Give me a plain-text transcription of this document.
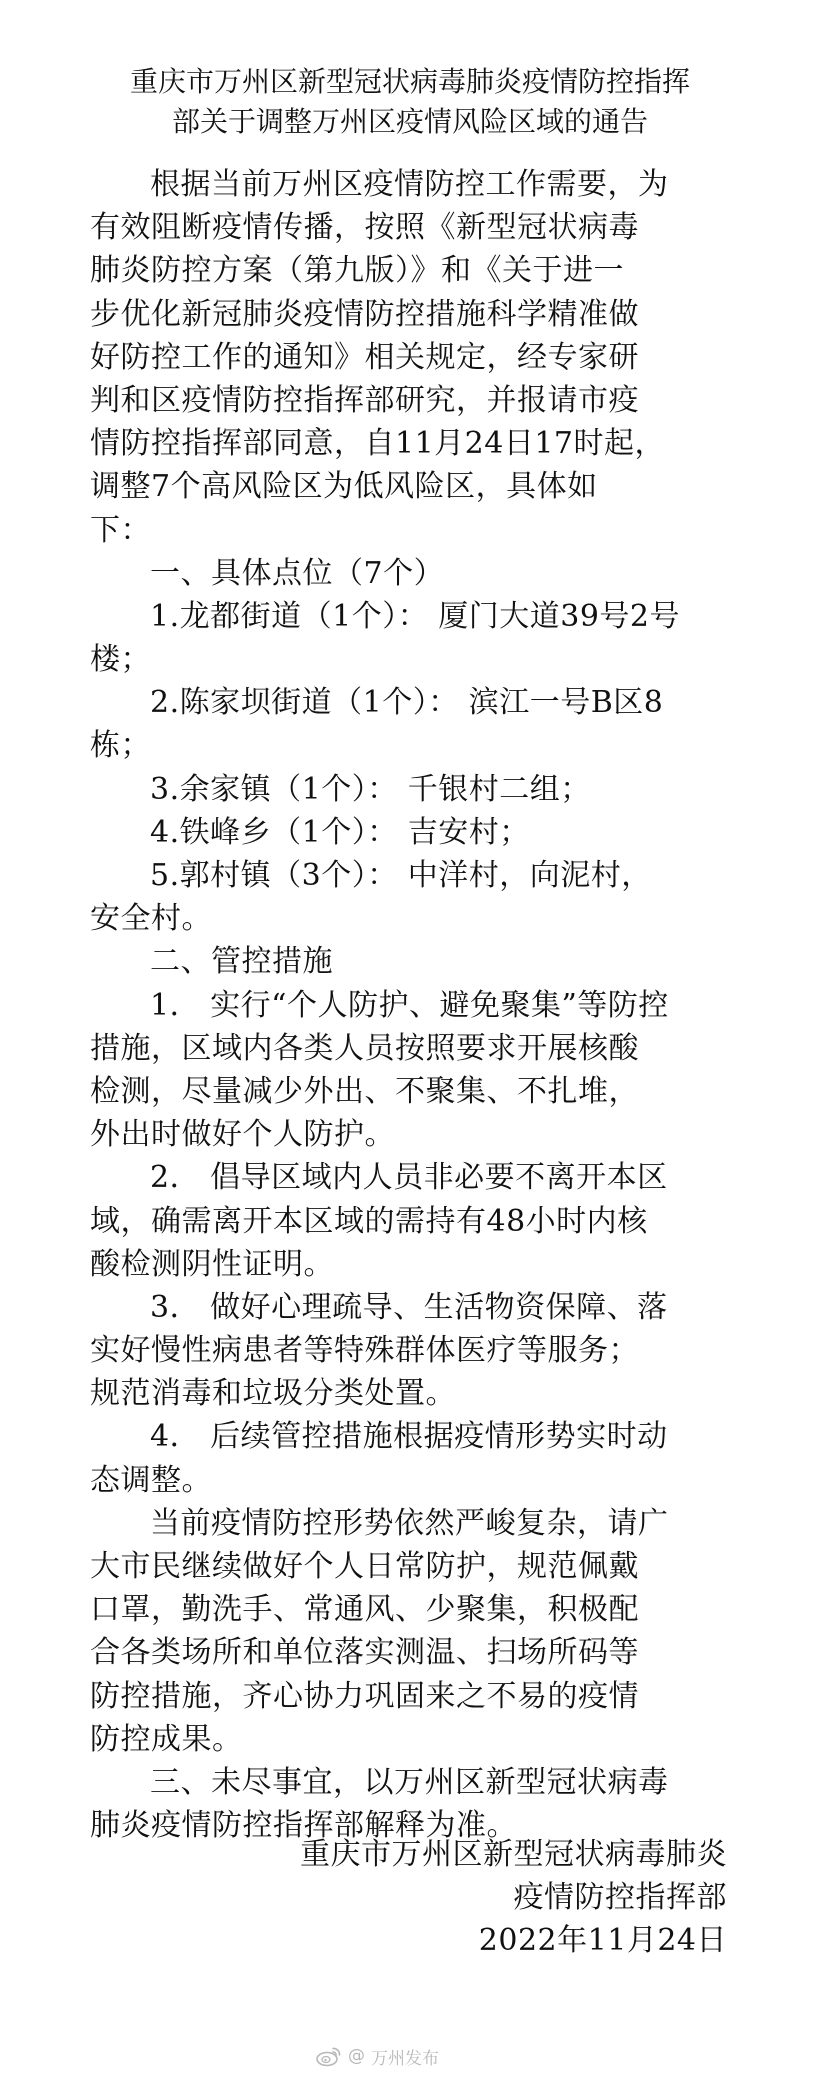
重庆市万州区新型冠状病毒肺炎疫情防控指挥
部关于调整万州区疫情风险区域的通告
根据当前万州区疫情防控工作需要，为
有效阻断疫情传播，按照《新型冠状病毒
肺炎防控方案（第九版）》和《关于进一
步优化新冠肺炎疫情防控措施科学精准做
好防控工作的通知》相关规定，经专家研
判和区疫情防控指挥部研究，并报请市疫
情防控指挥部同意，自11月24日17时起，
调整7个高风险区为低风险区，具体如
下：
一、具体点位（7个）
1.龙都街道（1个）： 厦门大道39号2号
楼；
2.陈家坝街道（1个）： 滨江一号B区8
栋；
3.余家镇（1个）： 千银村二组；
4.铁峰乡（1个）： 吉安村；
5.郭村镇（3个）： 中洋村，向泥村，
安全村。
二、管控措施
1． 实行“个人防护、避免聚集”等防控
措施，区域内各类人员按照要求开展核酸
检测，尽量减少外出、不聚集、不扎堆，
外出时做好个人防护。
2． 倡导区域内人员非必要不离开本区
域，确需离开本区域的需持有48小时内核
酸检测阴性证明。
3． 做好心理疏导、生活物资保障、落
实好慢性病患者等特殊群体医疗等服务；
规范消毒和垃圾分类处置。
4． 后续管控措施根据疫情形势实时动
态调整。
当前疫情防控形势依然严峻复杂，请广
大市民继续做好个人日常防护，规范佩戴
口罩，勤洗手、常通风、少聚集，积极配
合各类场所和单位落实测温、扫场所码等
防控措施，齐心协力巩固来之不易的疫情
防控成果。
三、未尽事宜，以万州区新型冠状病毒
肺炎疫情防控指挥部解释为准。
重庆市万州区新型冠状病毒肺炎
疫情防控指挥部
2022年11月24日
@ 万州发布
